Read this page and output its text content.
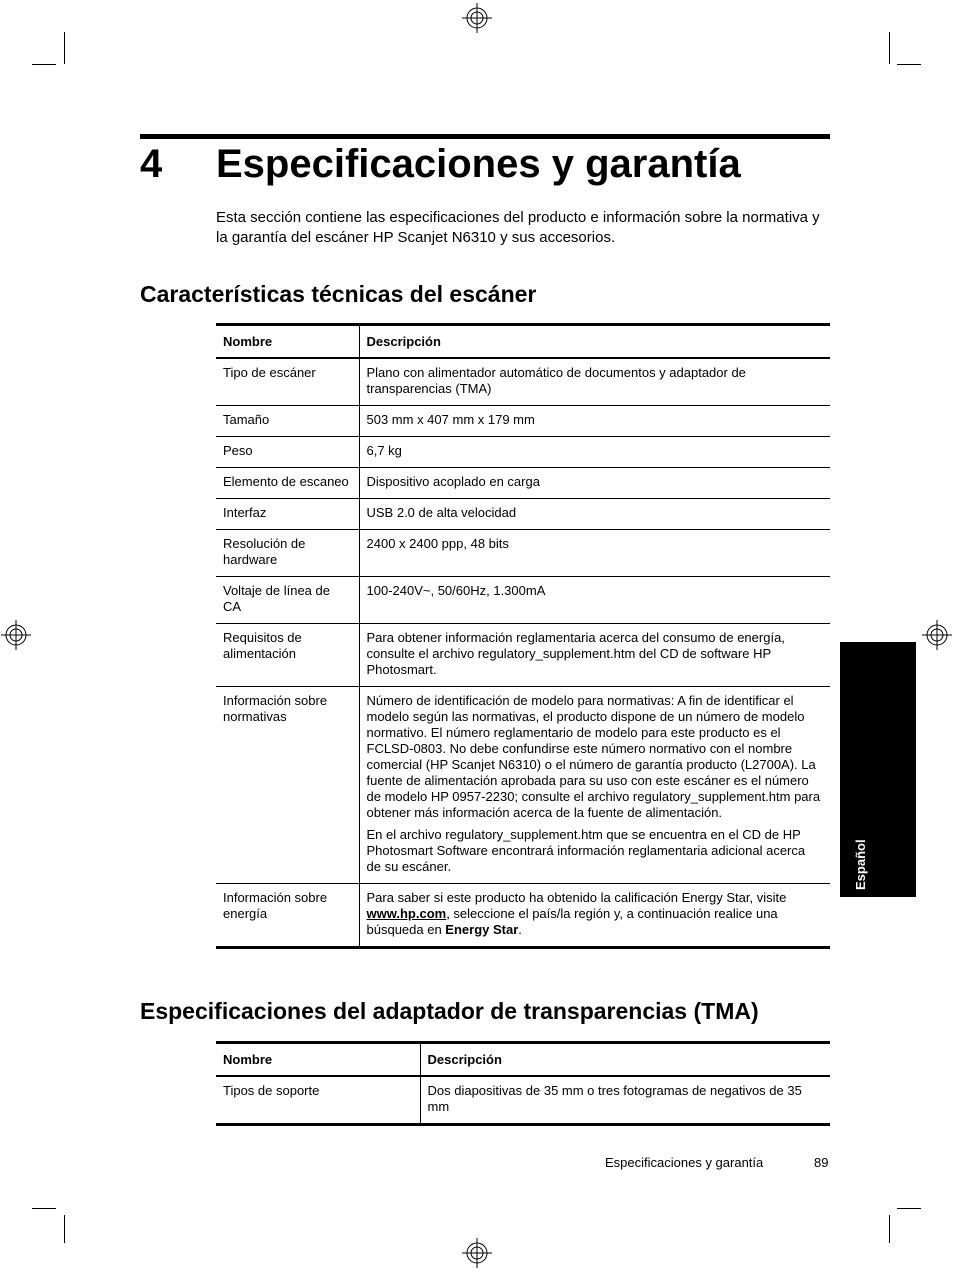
4 Especificaciones y garantía
Esta sección contiene las especificaciones del producto e información sobre la normativa y la garantía del escáner HP Scanjet N6310 y sus accesorios.
Características técnicas del escáner
Nombre	Descripción
Tipo de escáner	Plano con alimentador automático de documentos y adaptador de transparencias (TMA)
Tamaño	503 mm x 407 mm x 179 mm
Peso	6,7 kg
Elemento de escaneo	Dispositivo acoplado en carga
Interfaz	USB 2.0 de alta velocidad
Resolución de hardware	2400 x 2400 ppp, 48 bits
Voltaje de línea de CA	100-240V~, 50/60Hz, 1.300mA
Requisitos de alimentación	Para obtener información reglamentaria acerca del consumo de energía, consulte el archivo regulatory_supplement.htm del CD de software HP Photosmart.
Información sobre normativas	Número de identificación de modelo para normativas: A fin de identificar el modelo según las normativas, el producto dispone de un número de modelo normativo. El número reglamentario de modelo para este producto es el FCLSD-0803. No debe confundirse este número normativo con el nombre comercial (HP Scanjet N6310) o el número de garantía producto (L2700A). La fuente de alimentación aprobada para su uso con este escáner es el número de modelo HP 0957-2230; consulte el archivo regulatory_supplement.htm para obtener más información acerca de la fuente de alimentación.
En el archivo regulatory_supplement.htm que se encuentra en el CD de HP Photosmart Software encontrará información reglamentaria adicional acerca de su escáner.

Información sobre energía	Para saber si este producto ha obtenido la calificación Energy Star, visite www.hp.com, seleccione el país/la región y, a continuación realice una búsqueda en Energy Star.
Especificaciones del adaptador de transparencias (TMA)
Nombre	Descripción
Tipos de soporte	Dos diapositivas de 35 mm o tres fotogramas de negativos de 35 mm
Español
Especificaciones y garantía	89
